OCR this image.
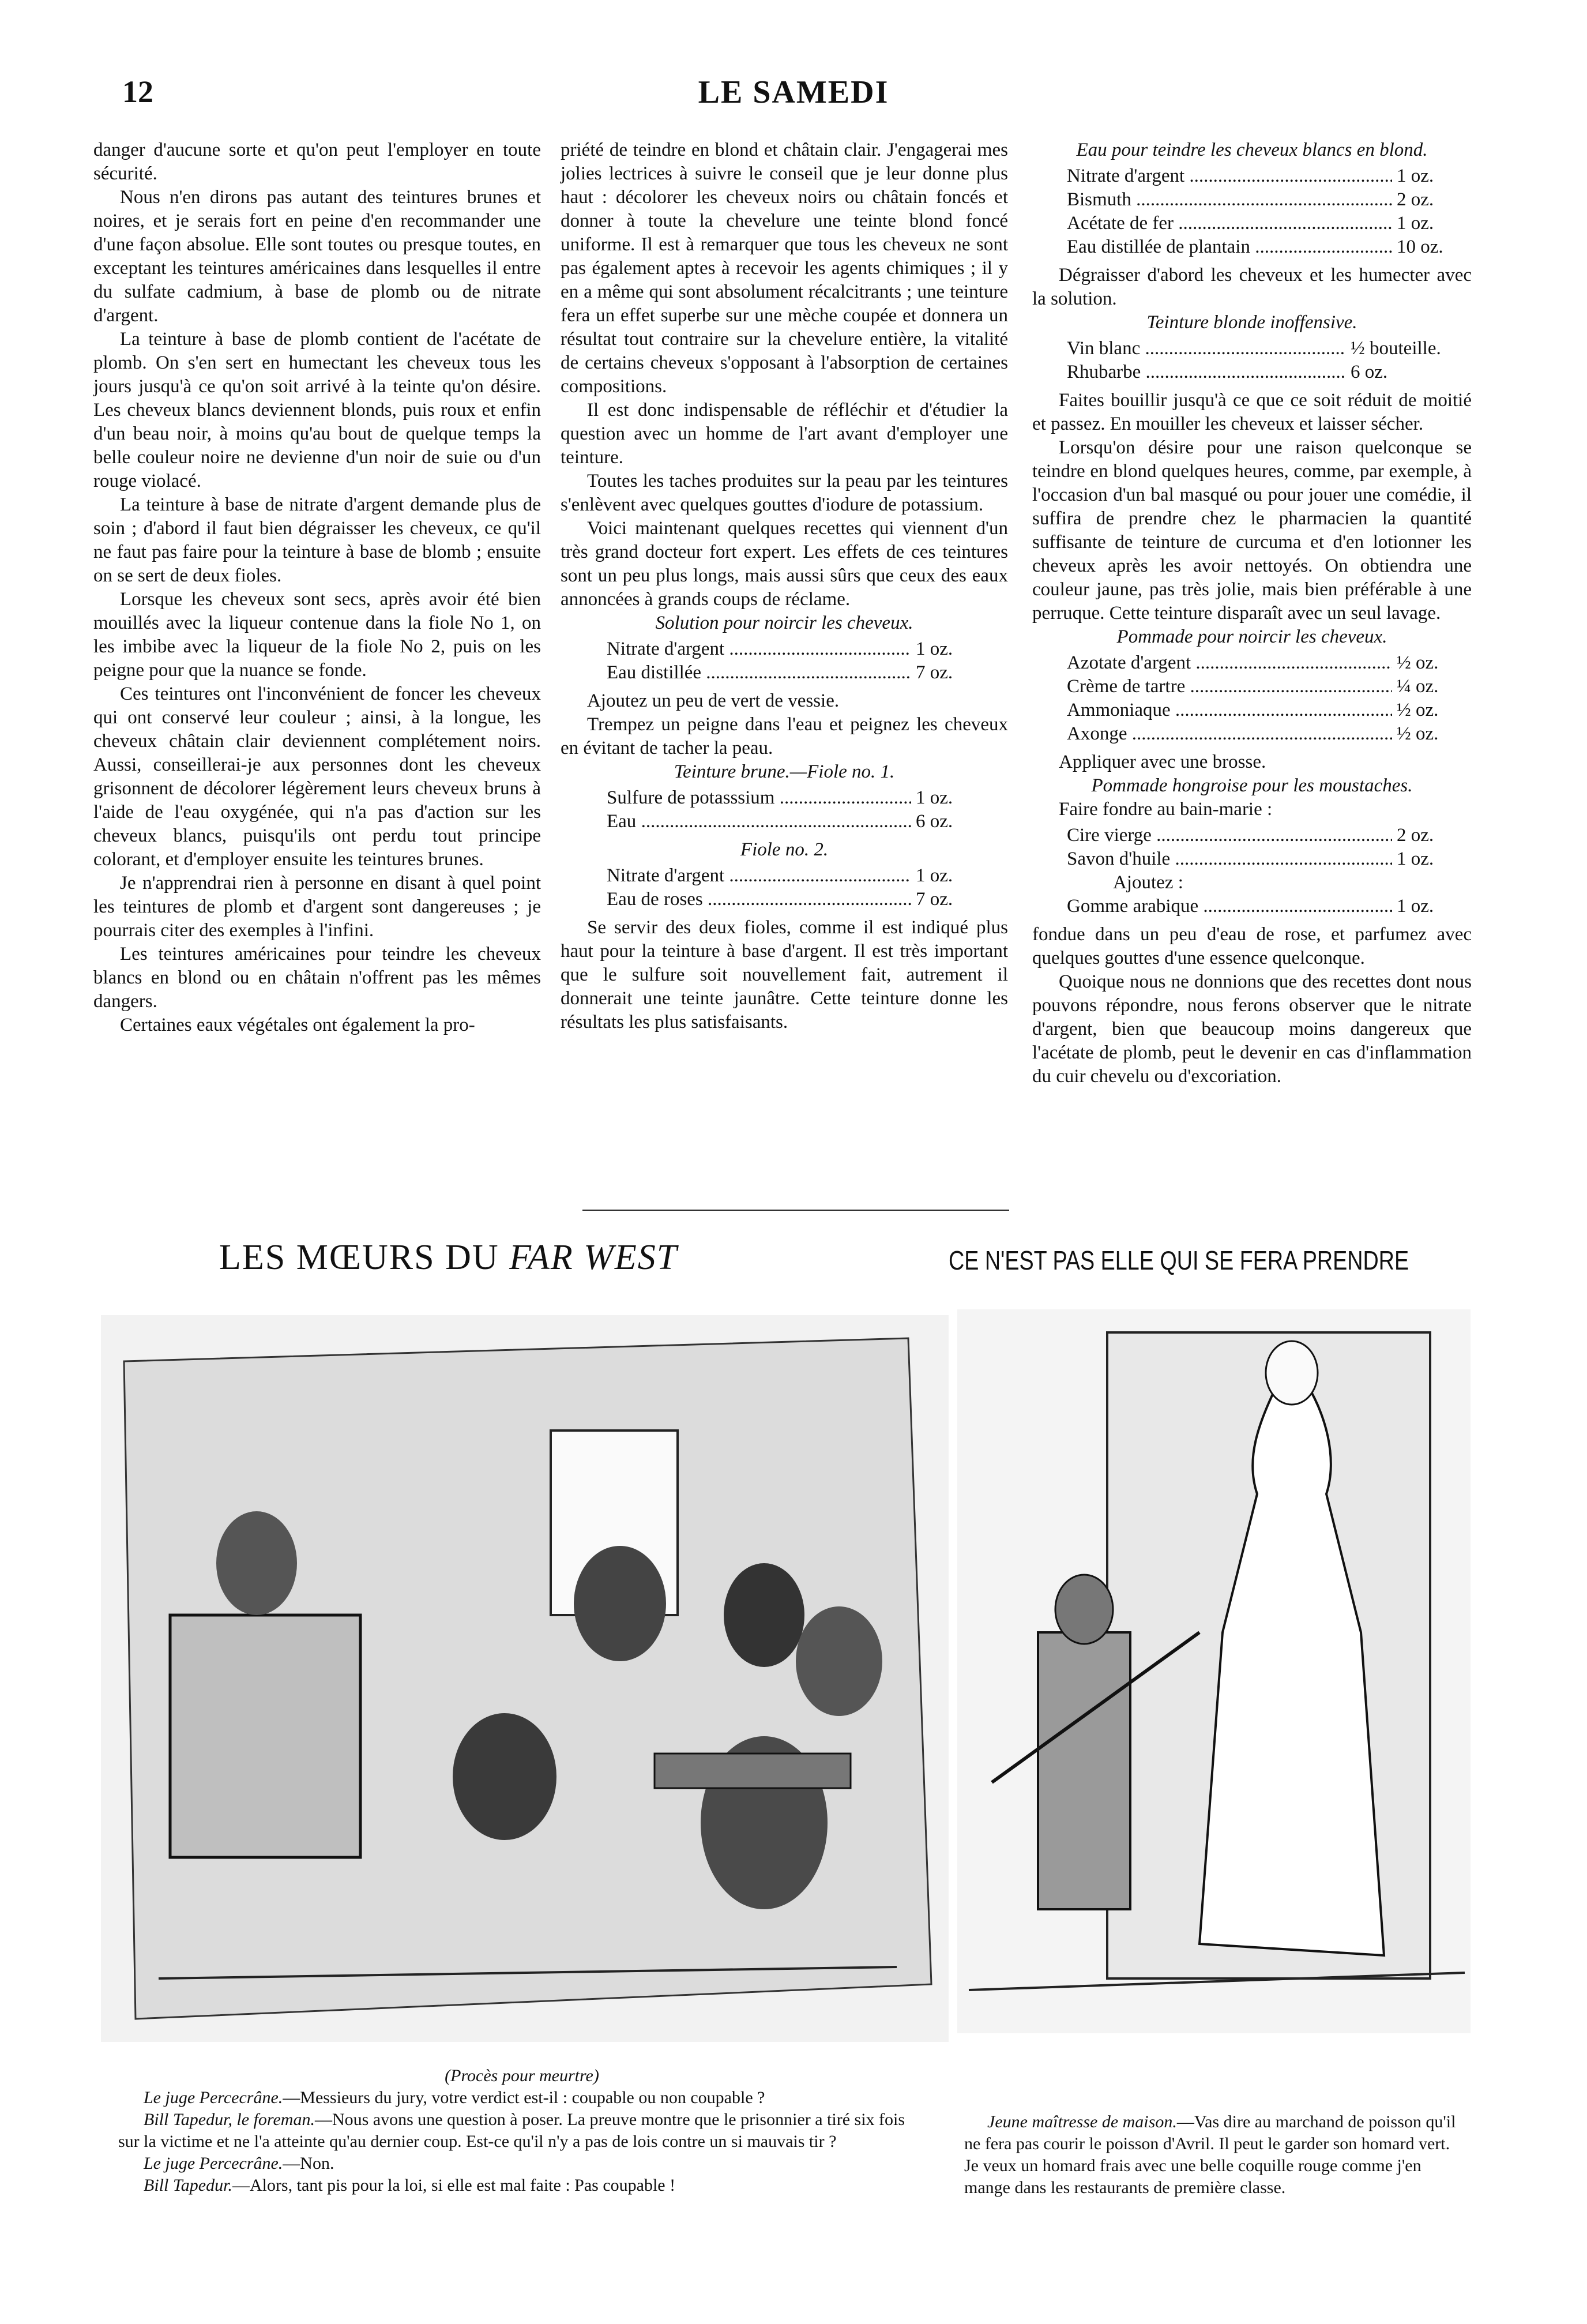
12	LE SAMEDI

danger d'aucune sorte et qu'on peut l'employer en toute sécurité.

Nous n'en dirons pas autant des teintures brunes et noires, et je serais fort en peine d'en recommander une d'une façon absolue. Elle sont toutes ou presque toutes, en exceptant les teintures américaines dans lesquelles il entre du sulfate cadmium, à base de plomb ou de nitrate d'argent.

La teinture à base de plomb contient de l'acétate de plomb. On s'en sert en humectant les cheveux tous les jours jusqu'à ce qu'on soit arrivé à la teinte qu'on désire. Les cheveux blancs deviennent blonds, puis roux et enfin d'un beau noir, à moins qu'au bout de quelque temps la belle couleur noire ne devienne d'un noir de suie ou d'un rouge violacé.

La teinture à base de nitrate d'argent demande plus de soin ; d'abord il faut bien dégraisser les cheveux, ce qu'il ne faut pas faire pour la teinture à base de blomb ; ensuite on se sert de deux fioles.

Lorsque les cheveux sont secs, après avoir été bien mouillés avec la liqueur contenue dans la fiole No 1, on les imbibe avec la liqueur de la fiole No 2, puis on les peigne pour que la nuance se fonde.

Ces teintures ont l'inconvénient de foncer les cheveux qui ont conservé leur couleur ; ainsi, à la longue, les cheveux châtain clair deviennent complétement noirs. Aussi, conseillerai-je aux personnes dont les cheveux grisonnent de décolorer légèrement leurs cheveux bruns à l'aide de l'eau oxygénée, qui n'a pas d'action sur les cheveux blancs, puisqu'ils ont perdu tout principe colorant, et d'employer ensuite les teintures brunes.

Je n'apprendrai rien à personne en disant à quel point les teintures de plomb et d'argent sont dangereuses ; je pourrais citer des exemples à l'infini.

Les teintures américaines pour teindre les cheveux blancs en blond ou en châtain n'offrent pas les mêmes dangers.

Certaines eaux végétales ont également la pro-

priété de teindre en blond et châtain clair. J'engagerai mes jolies lectrices à suivre le conseil que je leur donne plus haut : décolorer les cheveux noirs ou châtain foncés et donner à toute la chevelure une teinte blond foncé uniforme. Il est à remarquer que tous les cheveux ne sont pas également aptes à recevoir les agents chimiques ; il y en a même qui sont absolument récalcitrants ; une teinture fera un effet superbe sur une mèche coupée et donnera un résultat tout contraire sur la chevelure entière, la vitalité de certains cheveux s'opposant à l'absorption de certaines compositions.

Il est donc indispensable de réfléchir et d'étudier la question avec un homme de l'art avant d'employer une teinture.

Toutes les taches produites sur la peau par les teintures s'enlèvent avec quelques gouttes d'iodure de potassium.

Voici maintenant quelques recettes qui viennent d'un très grand docteur fort expert. Les effets de ces teintures sont un peu plus longs, mais aussi sûrs que ceux des eaux annoncées à grands coups de réclame.

Solution pour noircir les cheveux.

Nitrate d'argent .....	1 oz.
Eau distillée .....	7 oz.

Ajoutez un peu de vert de vessie.

Trempez un peigne dans l'eau et peignez les cheveux en évitant de tacher la peau.

Teinture brune.—Fiole no. 1.

Sulfure de potasssium .....	1 oz.
Eau .....	6 oz.

Fiole no. 2.

Nitrate d'argent .....	1 oz.
Eau de roses .....	7 oz.

Se servir des deux fioles, comme il est indiqué plus haut pour la teinture à base d'argent. Il est très important que le sulfure soit nouvellement fait, autrement il donnerait une teinte jaunâtre. Cette teinture donne les résultats les plus satisfaisants.

Eau pour teindre les cheveux blancs en blond.

Nitrate d'argent .....	1 oz.
Bismuth .....	2 oz.
Acétate de fer .....	1 oz.
Eau distillée de plantain .....	10 oz.

Dégraisser d'abord les cheveux et les humecter avec la solution.

Teinture blonde inoffensive.

Vin blanc .....	½ bouteille.
Rhubarbe .....	6 oz.

Faites bouillir jusqu'à ce que ce soit réduit de moitié et passez. En mouiller les cheveux et laisser sécher.

Lorsqu'on désire pour une raison quelconque se teindre en blond quelques heures, comme, par exemple, à l'occasion d'un bal masqué ou pour jouer une comédie, il suffira de prendre chez le pharmacien la quantité suffisante de teinture de curcuma et d'en lotionner les cheveux après les avoir nettoyés. On obtiendra une couleur jaune, pas très jolie, mais bien préférable à une perruque. Cette teinture disparaît avec un seul lavage.

Pommade pour noircir les cheveux.

Azotate d'argent .....	½ oz.
Crème de tartre .....	¼ oz.
Ammoniaque .....	½ oz.
Axonge .....	½ oz.

Appliquer avec une brosse.

Pommade hongroise pour les moustaches.

Faire fondre au bain-marie :

Cire vierge .....	2 oz.
Savon d'huile .....	1 oz.
Ajoutez :
Gomme arabique .....	1 oz.

fondue dans un peu d'eau de rose, et parfumez avec quelques gouttes d'une essence quelconque.

Quoique nous ne donnions que des recettes dont nous pouvons répondre, nous ferons observer que le nitrate d'argent, bien que beaucoup moins dangereux que l'acétate de plomb, peut le devenir en cas d'inflammation du cuir chevelu ou d'excoriation.

LES MŒURS DU FAR WEST

(Procès pour meurtre)

Le juge Percecrâne.—Messieurs du jury, votre verdict est-il : coupable ou non coupable ?

Bill Tapedur, le foreman.—Nous avons une question à poser. La preuve montre que le prisonnier a tiré six fois sur la victime et ne l'a atteinte qu'au dernier coup. Est-ce qu'il n'y a pas de lois contre un si mauvais tir ?

Le juge Percecrâne.—Non.

Bill Tapedur.—Alors, tant pis pour la loi, si elle est mal faite : Pas coupable !

CE N'EST PAS ELLE QUI SE FERA PRENDRE

Jeune maîtresse de maison.—Vas dire au marchand de poisson qu'il ne fera pas courir le poisson d'Avril. Il peut le garder son homard vert. Je veux un homard frais avec une belle coquille rouge comme j'en mange dans les restaurants de première classe.
